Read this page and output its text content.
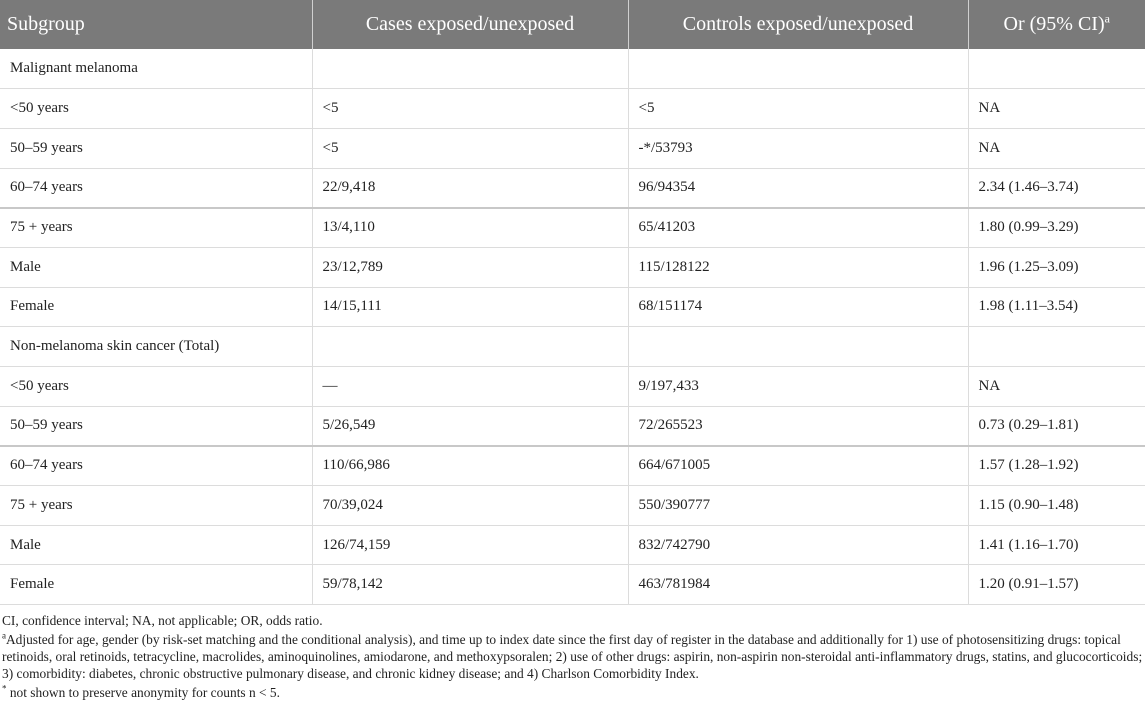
Subgroup	Cases exposed/unexposed	Controls exposed/unexposed	Or (95% CI)$^a$
Malignant melanoma			
<50 years	<5	<5	NA
50–59 years	<5	-*/53793	NA
60–74 years	22/9,418	96/94354	2.34 (1.46–3.74)
75 + years	13/4,110	65/41203	1.80 (0.99–3.29)
Male	23/12,789	115/128122	1.96 (1.25–3.09)
Female	14/15,111	68/151174	1.98 (1.11–3.54)
Non-melanoma skin cancer (Total)			
<50 years	—	9/197,433	NA
50–59 years	5/26,549	72/265523	0.73 (0.29–1.81)
60–74 years	110/66,986	664/671005	1.57 (1.28–1.92)
75 + years	70/39,024	550/390777	1.15 (0.90–1.48)
Male	126/74,159	832/742790	1.41 (1.16–1.70)
Female	59/78,142	463/781984	1.20 (0.91–1.57)

CI, confidence interval; NA, not applicable; OR, odds ratio.

$^a$Adjusted for age, gender (by risk-set matching and the conditional analysis), and time up to index date since the first day of register in the database and additionally for 1) use of photosensitizing drugs: topical retinoids, oral retinoids, tetracycline, macrolides, aminoquinolines, amiodarone, and methoxypsoralen; 2) use of other drugs: aspirin, non-aspirin non-steroidal anti-inflammatory drugs, statins, and glucocorticoids; 3) comorbidity: diabetes, chronic obstructive pulmonary disease, and chronic kidney disease; and 4) Charlson Comorbidity Index.

* not shown to preserve anonymity for counts n < 5.
